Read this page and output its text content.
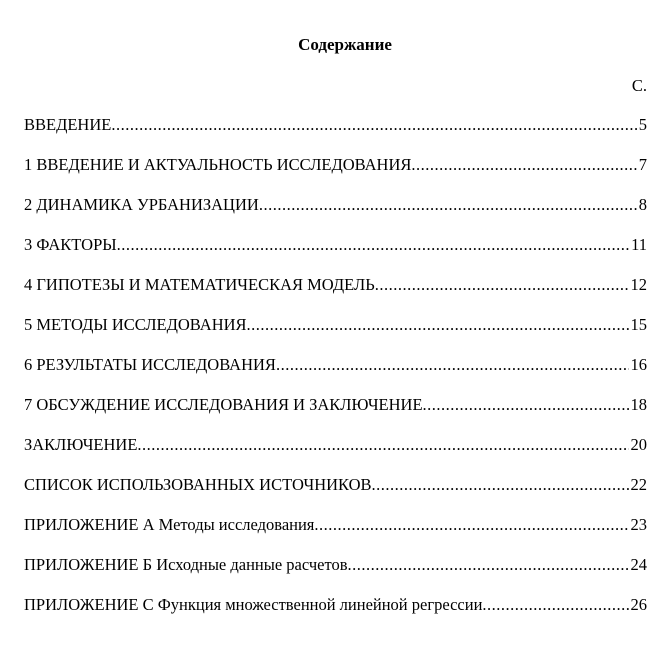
Содержание
С.
ВВЕДЕНИЕ .....	5
1 ВВЕДЕНИЕ И АКТУАЛЬНОСТЬ ИССЛЕДОВАНИЯ .....	7
2 ДИНАМИКА УРБАНИЗАЦИИ .....	8
3 ФАКТОРЫ .....	11
4 ГИПОТЕЗЫ И МАТЕМАТИЧЕСКАЯ МОДЕЛЬ .....	12
5 МЕТОДЫ ИССЛЕДОВАНИЯ .....	15
6 РЕЗУЛЬТАТЫ ИССЛЕДОВАНИЯ .....	16
7 ОБСУЖДЕНИЕ ИССЛЕДОВАНИЯ И ЗАКЛЮЧЕНИЕ .....	18
ЗАКЛЮЧЕНИЕ .....	20
СПИСОК ИСПОЛЬЗОВАННЫХ ИСТОЧНИКОВ .....	22
ПРИЛОЖЕНИЕ А Методы исследования .....	23
ПРИЛОЖЕНИЕ Б Исходные данные расчетов .....	24
ПРИЛОЖЕНИЕ С Функция множественной линейной регрессии .....	26
